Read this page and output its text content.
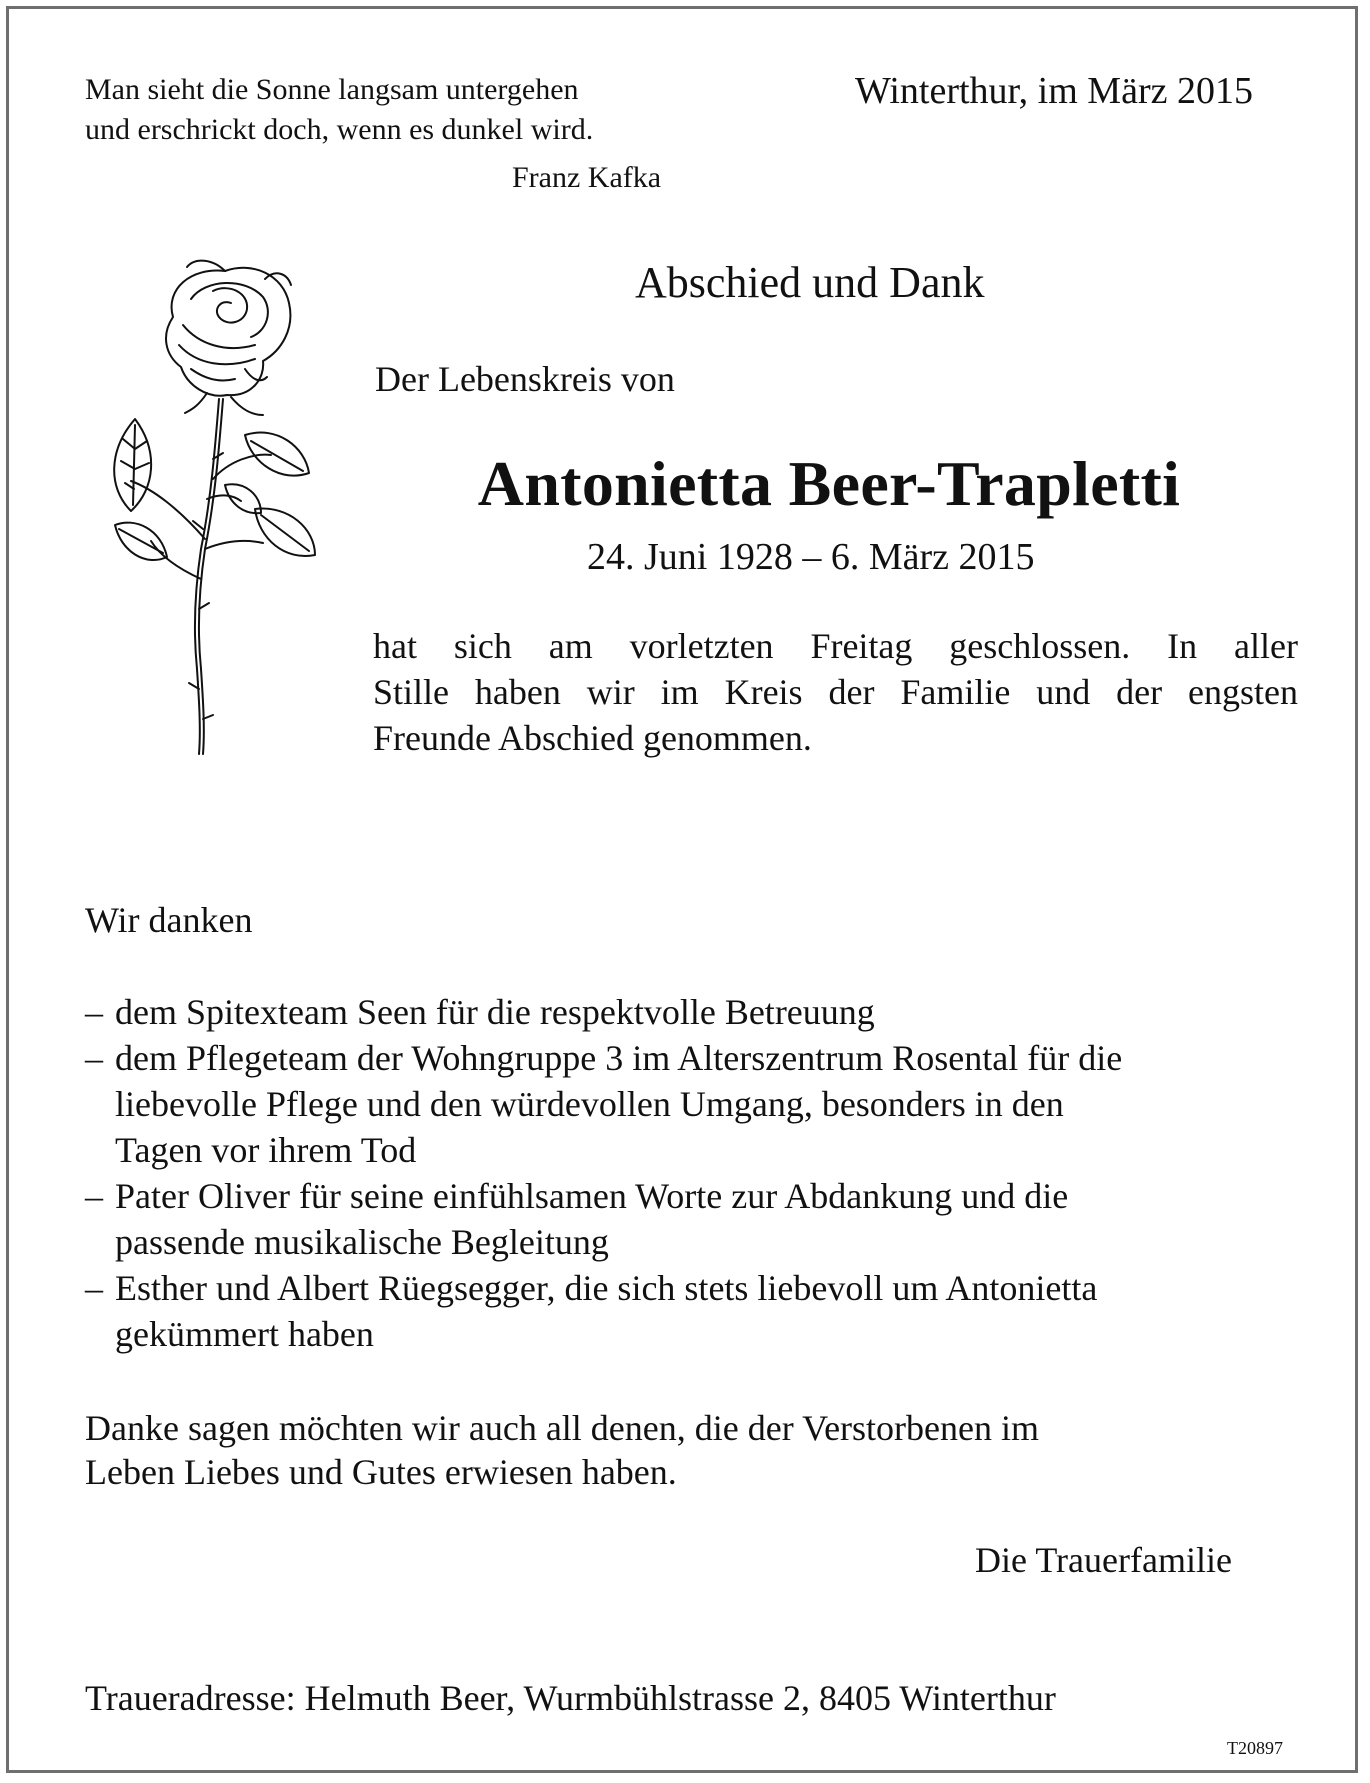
Man sieht die Sonne langsam untergehen
und erschrickt doch, wenn es dunkel wird.
Franz Kafka
Winterthur, im März 2015
Abschied und Dank
Der Lebenskreis von
Antonietta Beer-Trapletti
24. Juni 1928 – 6. März 2015
hat sich am vorletzten Freitag geschlossen. In aller
Stille haben wir im Kreis der Familie und der engsten
Freunde Abschied genommen.
Wir danken
– dem Spitexteam Seen für die respektvolle Betreuung
– dem Pflegeteam der Wohngruppe 3 im Alterszentrum Rosental für die
liebevolle Pflege und den würdevollen Umgang, besonders in den
Tagen vor ihrem Tod
– Pater Oliver für seine einfühlsamen Worte zur Abdankung und die
passende musikalische Begleitung
– Esther und Albert Rüegsegger, die sich stets liebevoll um Antonietta
gekümmert haben
Danke sagen möchten wir auch all denen, die der Verstorbenen im
Leben Liebes und Gutes erwiesen haben.
Die Trauerfamilie
Traueradresse: Helmuth Beer, Wurmbühlstrasse 2, 8405 Winterthur
T20897
